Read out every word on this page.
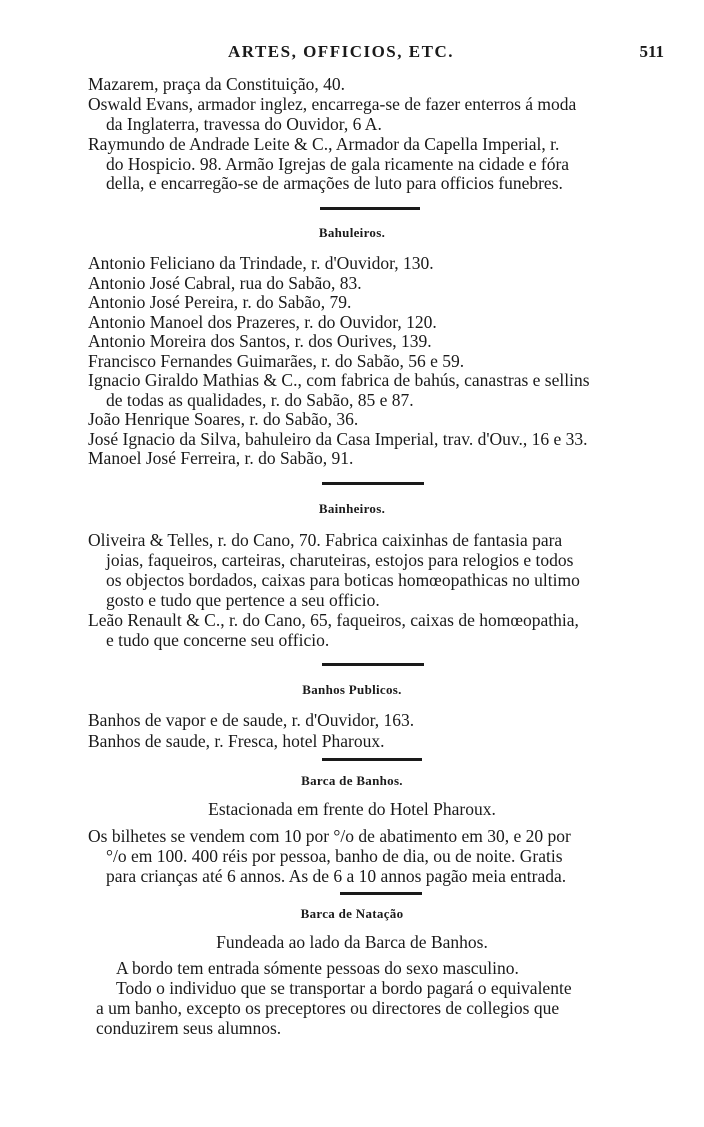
ARTES, OFFICIOS, ETC.	511
Mazarem, praça da Constituição, 40.
Oswald Evans, armador inglez, encarrega-se de fazer enterros á moda
da Inglaterra, travessa do Ouvidor, 6 A.
Raymundo de Andrade Leite & C., Armador da Capella Imperial, r.
do Hospicio. 98. Armão Igrejas de gala ricamente na cidade e fóra
della, e encarregão-se de armações de luto para officios funebres.
Bahuleiros.
Antonio Feliciano da Trindade, r. d'Ouvidor, 130.
Antonio José Cabral, rua do Sabão, 83.
Antonio José Pereira, r. do Sabão, 79.
Antonio Manoel dos Prazeres, r. do Ouvidor, 120.
Antonio Moreira dos Santos, r. dos Ourives, 139.
Francisco Fernandes Guimarães, r. do Sabão, 56 e 59.
Ignacio Giraldo Mathias & C., com fabrica de bahús, canastras e sellins
de todas as qualidades, r. do Sabão, 85 e 87.
João Henrique Soares, r. do Sabão, 36.
José Ignacio da Silva, bahuleiro da Casa Imperial, trav. d'Ouv., 16 e 33.
Manoel José Ferreira, r. do Sabão, 91.
Bainheiros.
Oliveira & Telles, r. do Cano, 70. Fabrica caixinhas de fantasia para
joias, faqueiros, carteiras, charuteiras, estojos para relogios e todos
os objectos bordados, caixas para boticas homœopathicas no ultimo
gosto e tudo que pertence a seu officio.
Leão Renault & C., r. do Cano, 65, faqueiros, caixas de homœopathia,
e tudo que concerne seu officio.
Banhos Publicos.
Banhos de vapor e de saude, r. d'Ouvidor, 163.
Banhos de saude, r. Fresca, hotel Pharoux.
Barca de Banhos.
Estacionada em frente do Hotel Pharoux.
Os bilhetes se vendem com 10 por °/o de abatimento em 30, e 20 por
°/o em 100. 400 réis por pessoa, banho de dia, ou de noite. Gratis
para crianças até 6 annos. As de 6 a 10 annos pagão meia entrada.
Barca de Natação
Fundeada ao lado da Barca de Banhos.
A bordo tem entrada sómente pessoas do sexo masculino.
Todo o individuo que se transportar a bordo pagará o equivalente
a um banho, excepto os preceptores ou directores de collegios que
conduzirem seus alumnos.
